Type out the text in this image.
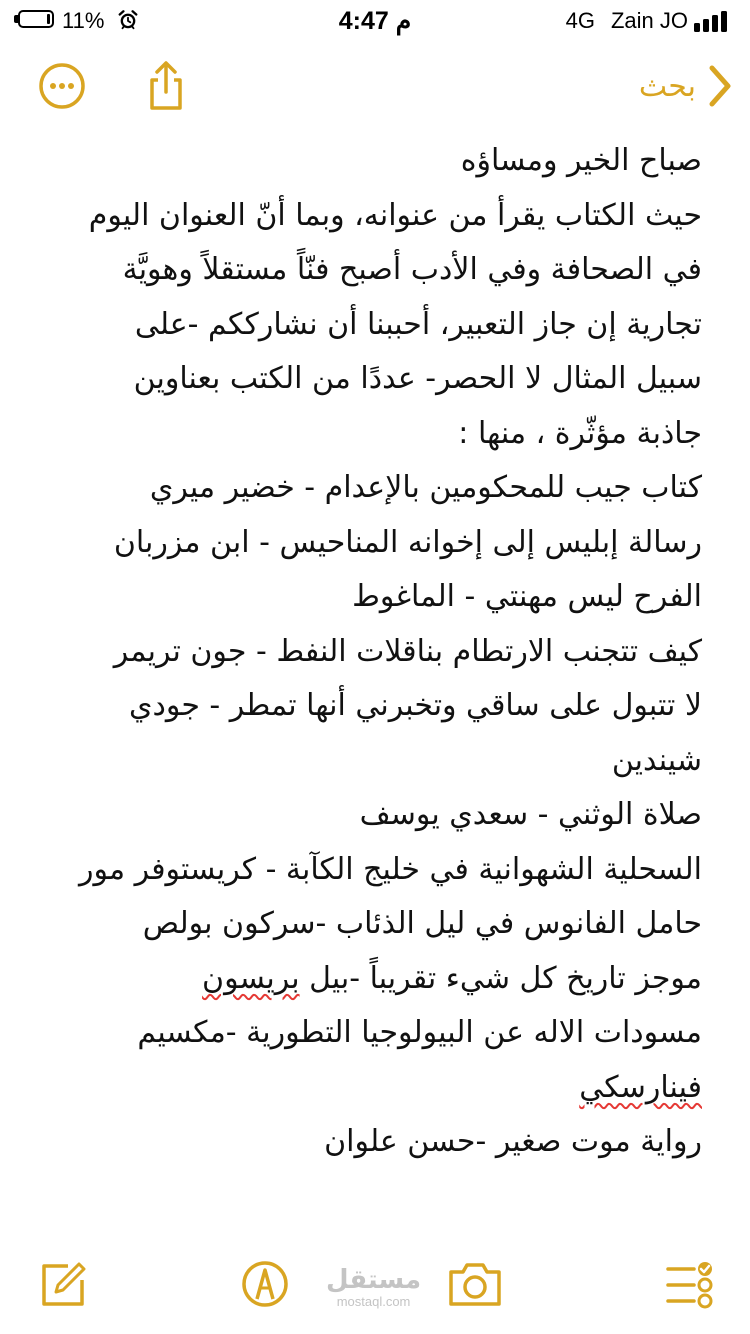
11%	4:47 م	4G Zain JO
بحث
صباح الخير ومساؤه
حيث الكتاب يقرأ من عنوانه، وبما أنّ العنوان اليوم
في الصحافة وفي الأدب أصبح فنّاً مستقلاً وهويَّة
تجارية إن جاز التعبير، أحببنا أن نشارككم -على
سبيل المثال لا الحصر- عددًا من الكتب بعناوين
جاذبة مؤثّرة ، منها :
كتاب جيب للمحكومين بالإعدام - خضير ميري
رسالة إبليس إلى إخوانه المناحيس - ابن مزربان
الفرح ليس مهنتي - الماغوط
كيف تتجنب الارتطام بناقلات النفط - جون تريمر
لا تتبول على ساقي وتخبرني أنها تمطر - جودي شيندين
صلاة الوثني - سعدي يوسف
السحلية الشهوانية في خليج الكآبة - كريستوفر مور
حامل الفانوس في ليل الذئاب -سركون بولص
موجز تاريخ كل شيء تقريباً -بيل بريسون
مسودات الاله عن البيولوجيا التطورية -مكسيم
فينارسكي
رواية موت صغير -حسن علوان
مستقل
mostaql.com
